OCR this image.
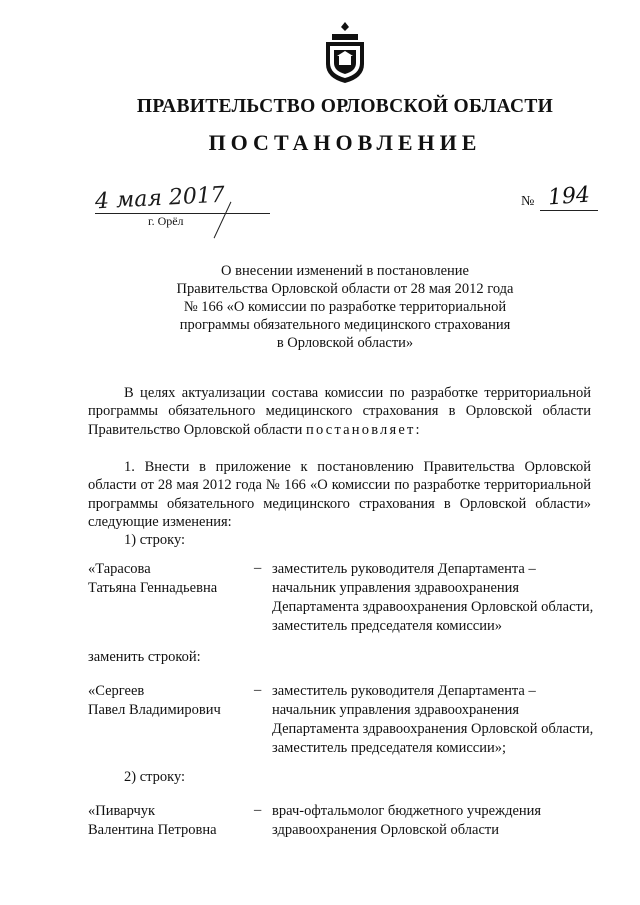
ПРАВИТЕЛЬСТВО ОРЛОВСКОЙ ОБЛАСТИ
ПОСТАНОВЛЕНИЕ
4 мая 2017
г. Орёл
№ 194
О внесении изменений в постановление
Правительства Орловской области от 28 мая 2012 года
№ 166 «О комиссии по разработке территориальной
программы обязательного медицинского страхования
в Орловской области»
В целях актуализации состава комиссии по разработке территориальной программы обязательного медицинского страхования в Орловской области Правительство Орловской области постановляет:
1. Внести в приложение к постановлению Правительства Орловской области от 28 мая 2012 года № 166 «О комиссии по разработке территориальной программы обязательного медицинского страхования в Орловской области» следующие изменения:
1) строку:
«Тарасова
Татьяна Геннадьевна
– заместитель руководителя Департамента – начальник управления здравоохранения Департамента здравоохранения Орловской области, заместитель председателя комиссии»
заменить строкой:
«Сергеев
Павел Владимирович
– заместитель руководителя Департамента – начальник управления здравоохранения Департамента здравоохранения Орловской области, заместитель председателя комиссии»;
2) строку:
«Пиварчук
Валентина Петровна
– врач-офтальмолог бюджетного учреждения здравоохранения Орловской области
